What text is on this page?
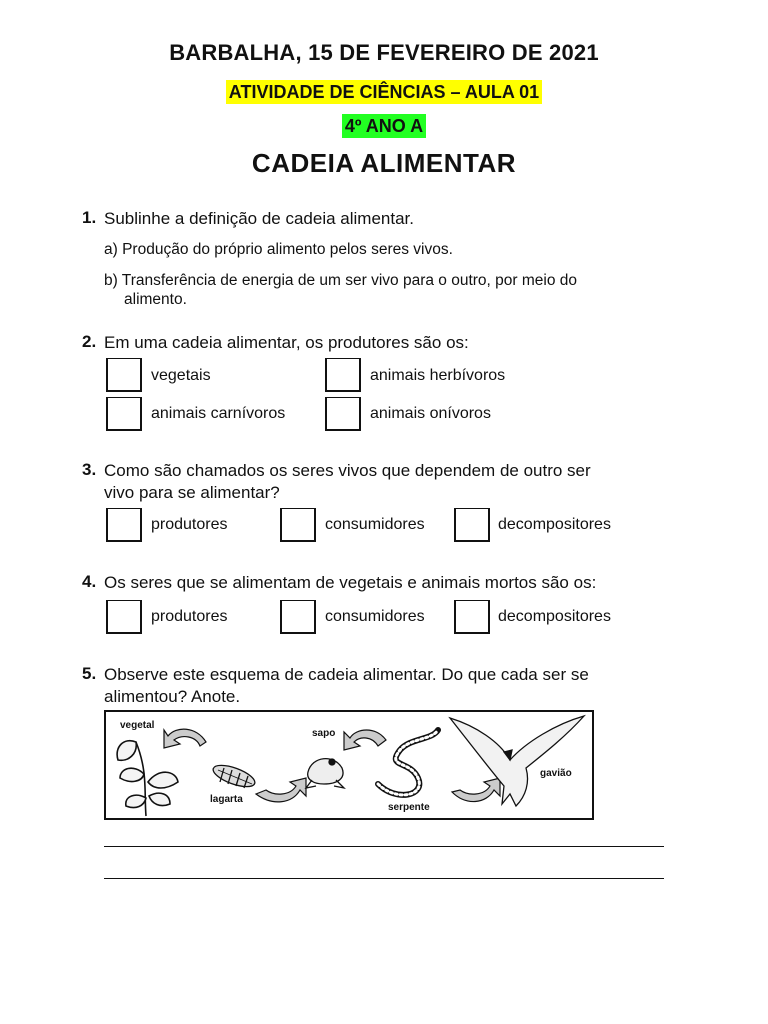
BARBALHA, 15 DE FEVEREIRO DE 2021
ATIVIDADE DE CIÊNCIAS – AULA 01
4º ANO A
CADEIA ALIMENTAR
1. Sublinhe a definição de cadeia alimentar.
a) Produção do próprio alimento pelos seres vivos.
b) Transferência de energia de um ser vivo para o outro, por meio do
alimento.
2. Em uma cadeia alimentar, os produtores são os:
vegetais	animais herbívoros
animais carnívoros	animais onívoros
3. Como são chamados os seres vivos que dependem de outro ser
vivo para se alimentar?
produtores	consumidores	decompositores
4. Os seres que se alimentam de vegetais e animais mortos são os:
produtores	consumidores	decompositores
5. Observe este esquema de cadeia alimentar. Do que cada ser se
alimentou? Anote.
lagarta
vegetal
sapo
serpente
gavião
